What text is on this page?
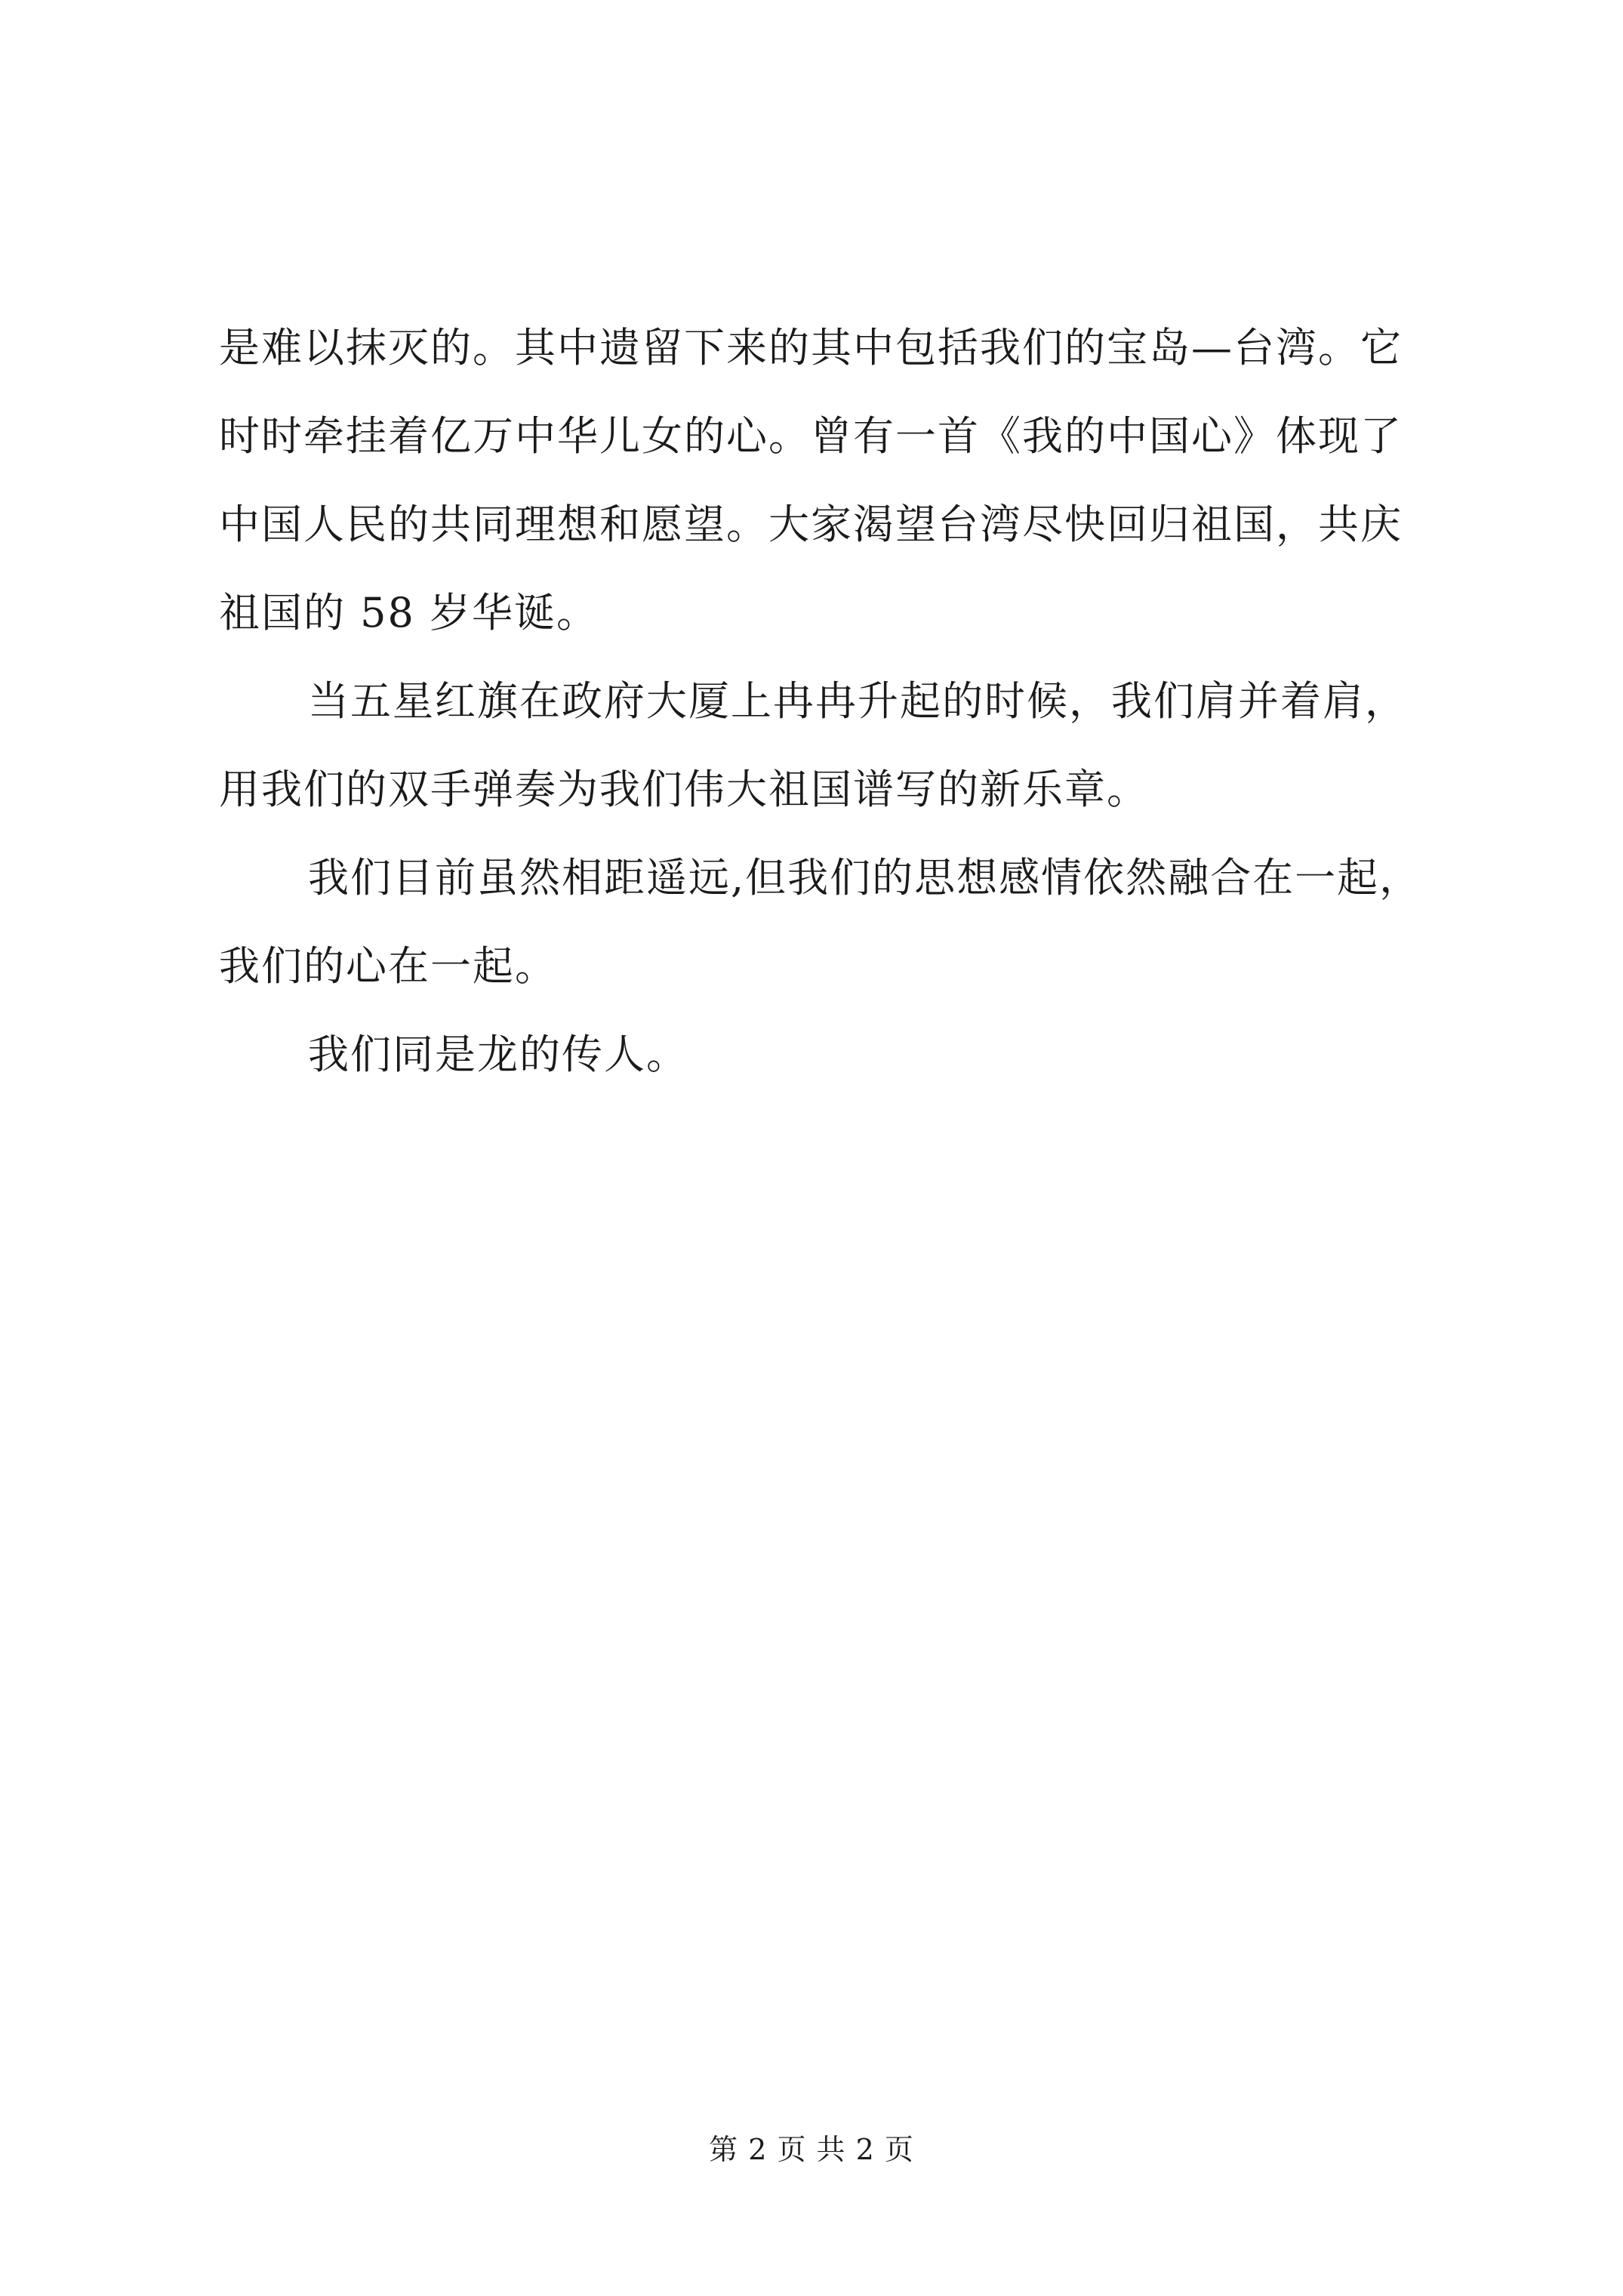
是难以抹灭的。其中遗留下来的其中包括我们的宝岛—台湾。它
时时牵挂着亿万中华儿女的心。曾有一首《我的中国心》体现了
中国人民的共同理想和愿望。大家渴望台湾尽快回归祖国，共庆
祖国的 58 岁华诞。
当五星红旗在政府大厦上冉冉升起的时候，我们肩并着肩，
用我们的双手弹奏为我们伟大祖国谱写的新乐章。
我们目前虽然相距遥远,但我们的思想感情依然融合在一起，
我们的心在一起。
我们同是龙的传人。
第 2 页 共 2 页
